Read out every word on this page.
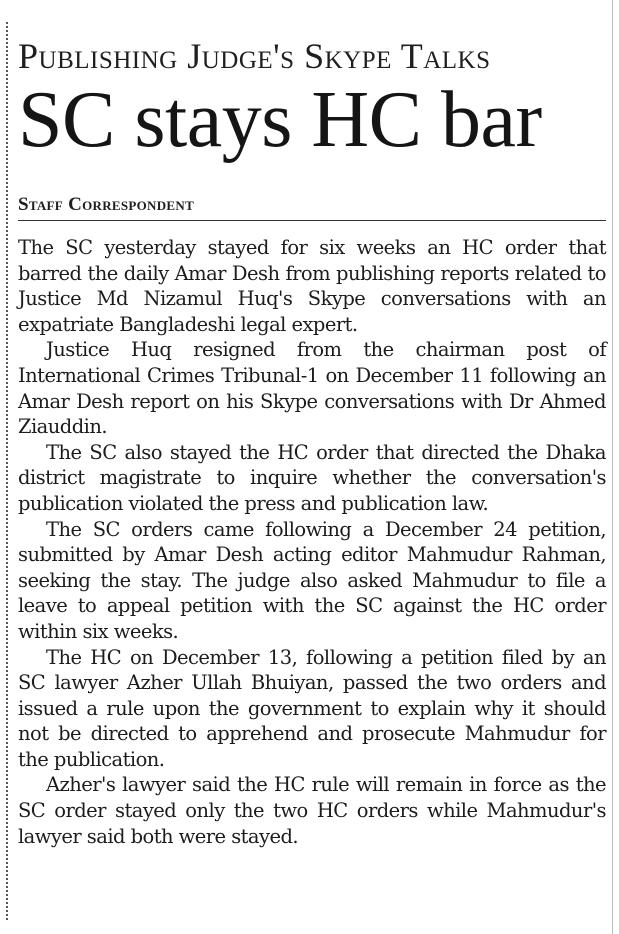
Publishing Judge's Skype Talks
SC stays HC bar
Staff Correspondent

The SC yesterday stayed for six weeks an HC order that barred the daily Amar Desh from publishing reports related to Justice Md Nizamul Huq's Skype conversations with an expatriate Bangladeshi legal expert.

Justice Huq resigned from the chairman post of International Crimes Tribunal-1 on December 11 following an Amar Desh report on his Skype conversations with Dr Ahmed Ziauddin.

The SC also stayed the HC order that directed the Dhaka district magistrate to inquire whether the conversation's publication violated the press and publication law.

The SC orders came following a December 24 petition, submitted by Amar Desh acting editor Mahmudur Rahman, seeking the stay. The judge also asked Mahmudur to file a leave to appeal petition with the SC against the HC order within six weeks.

The HC on December 13, following a petition filed by an SC lawyer Azher Ullah Bhuiyan, passed the two orders and issued a rule upon the government to explain why it should not be directed to apprehend and prosecute Mahmudur for the publication.

Azher's lawyer said the HC rule will remain in force as the SC order stayed only the two HC orders while Mahmudur's lawyer said both were stayed.
